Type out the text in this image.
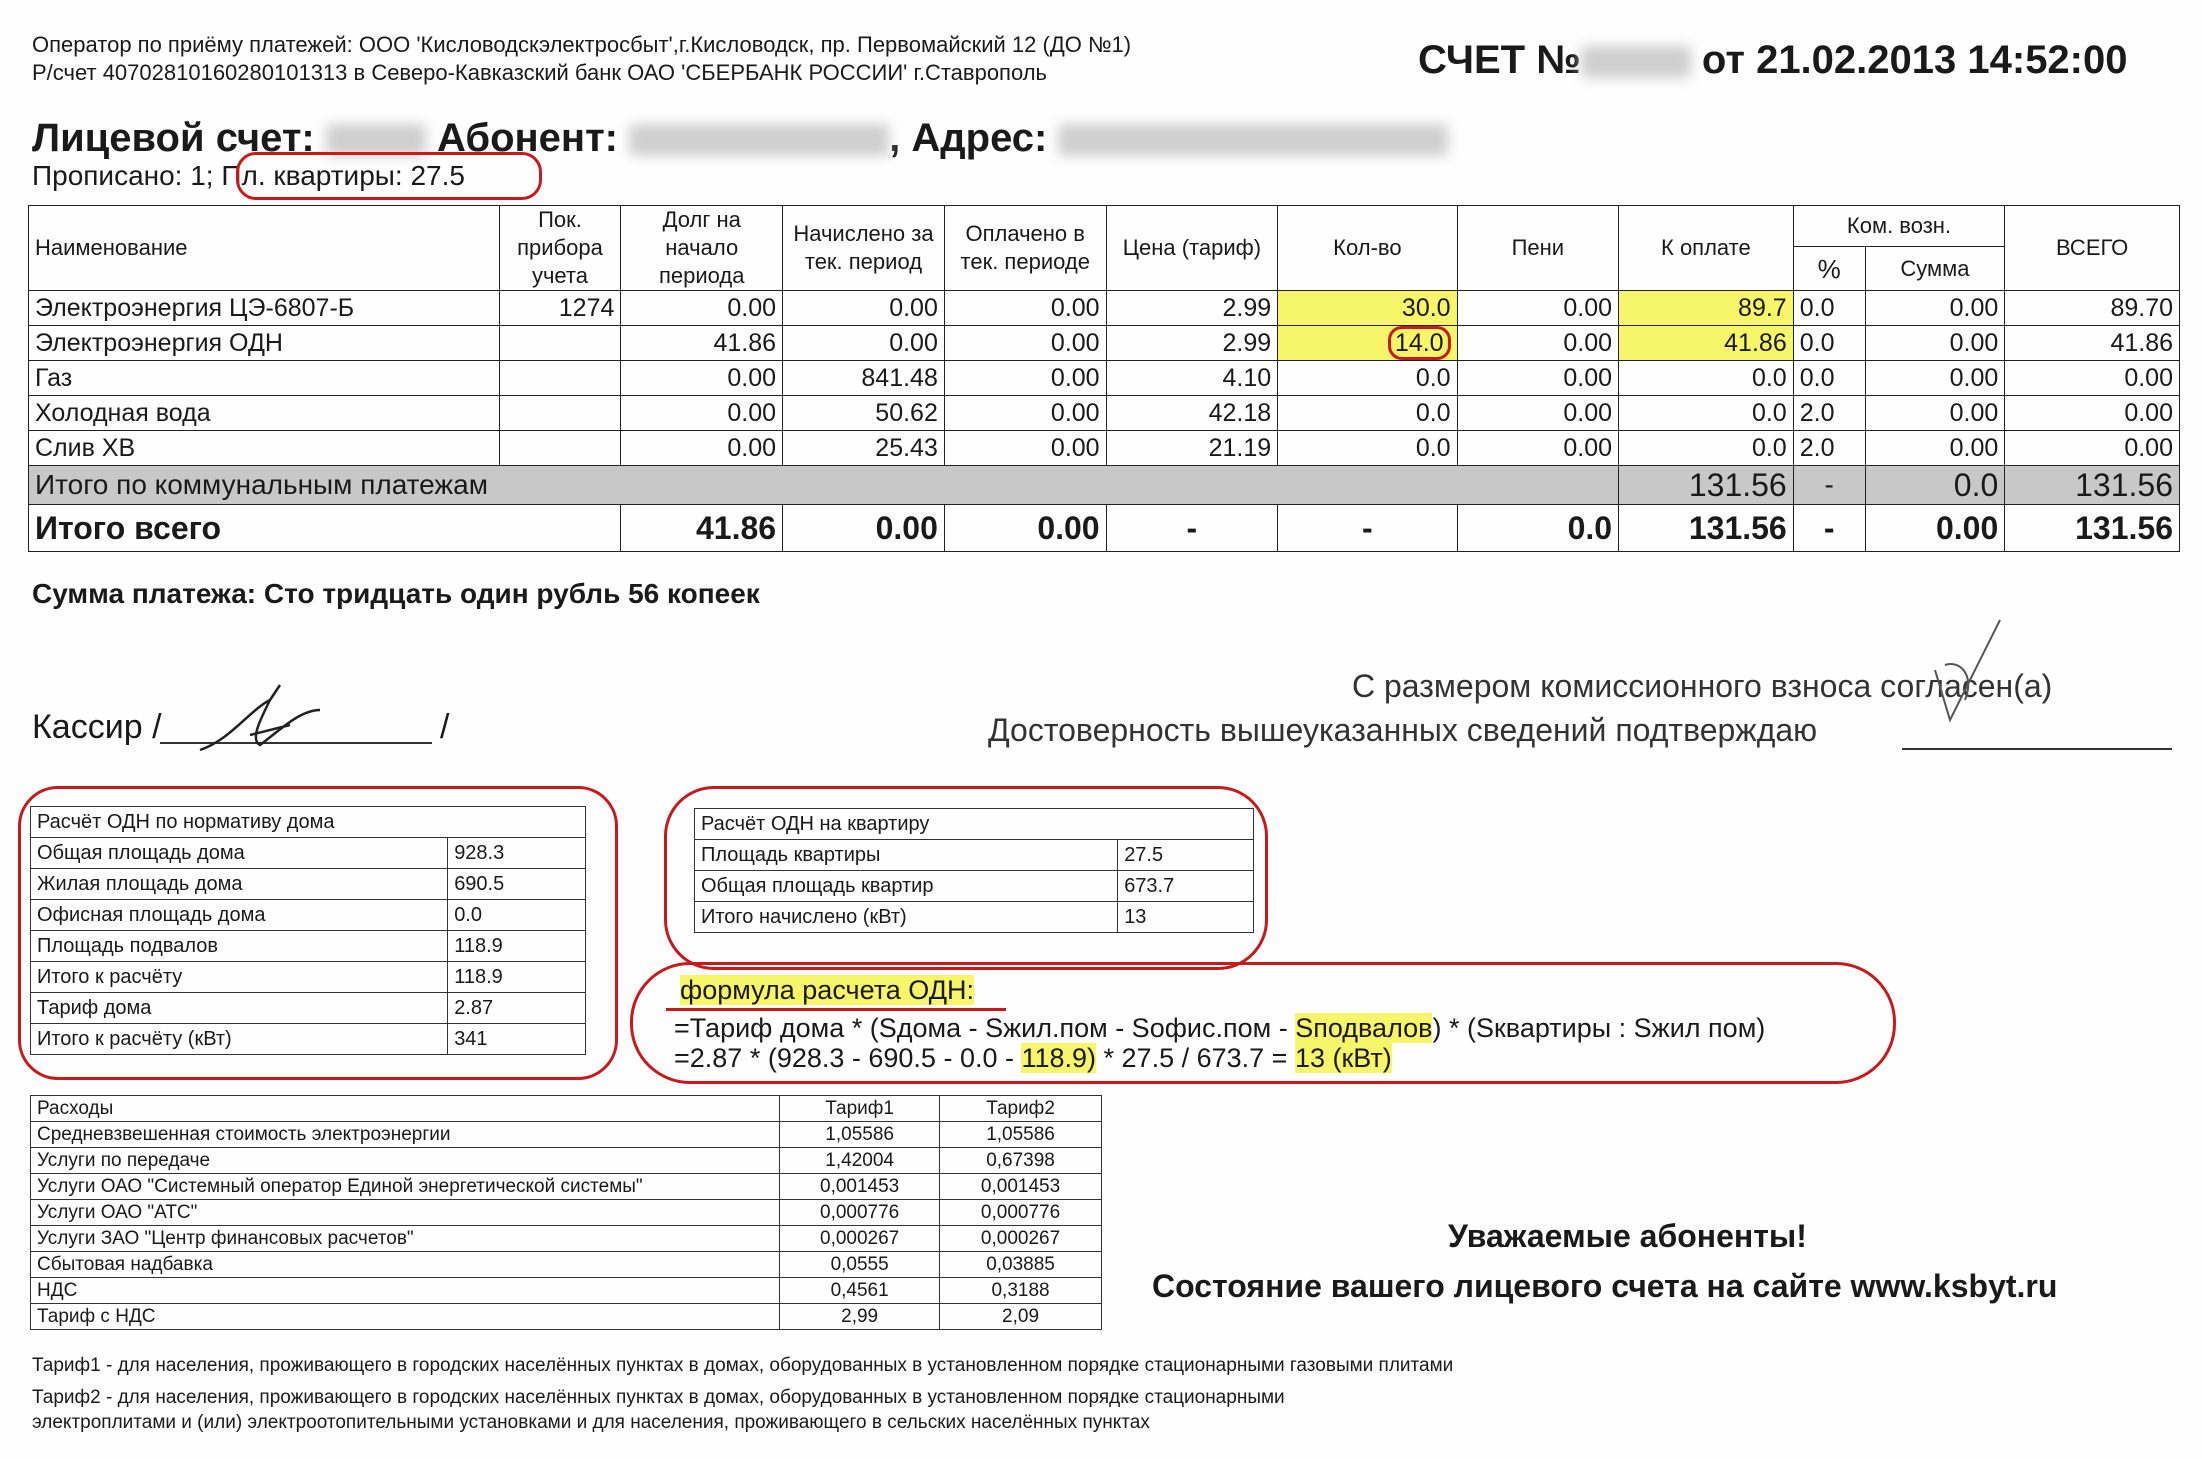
Оператор по приёму платежей: ООО 'Кисловодскэлектросбыт',г.Кисловодск, пр. Первомайский 12 (ДО №1)
Р/счет 40702810160280101313 в Северо-Кавказский банк ОАО 'СБЕРБАНК РОССИИ' г.Ставрополь	СЧЕТ №	от 21.02.2013 14:52:00
Лицевой счет:	Абонент:	, Адрес:
Прописано: 1; Пл. квартиры: 27.5
Наименование	Пок. прибора учета	Долг на начало периода	Начислено за тек. период	Оплачено в тек. периоде	Цена (тариф)	Кол-во	Пени	К оплате	Ком. возн.		ВСЕГО
									%	Сумма	
Электроэнергия ЦЭ-6807-Б	1274	0.00	0.00	0.00	2.99	30.0	0.00	89.7	0.0	0.00	89.70
Электроэнергия ОДН		41.86	0.00	0.00	2.99	14.0	0.00	41.86	0.0	0.00	41.86
Газ		0.00	841.48	0.00	4.10	0.0	0.00	0.0	0.0	0.00	0.00
Холодная вода		0.00	50.62	0.00	42.18	0.0	0.00	0.0	2.0	0.00	0.00
Слив ХВ		0.00	25.43	0.00	21.19	0.0	0.00	0.0	2.0	0.00	0.00
Итого по коммунальным платежам								131.56	-	0.0	131.56
Итого всего		41.86	0.00	0.00	-	-	0.0	131.56	-	0.00	131.56
Сумма платежа: Сто тридцать один рубль 56 копеек
Кассир /	/
С размером комиссионного взноса согласен(а)
Достоверность вышеуказанных сведений подтверждаю
Расчёт ОДН по нормативу дома	
Общая площадь дома	928.3
Жилая площадь дома	690.5
Офисная площадь дома	0.0
Площадь подвалов	118.9
Итого к расчёту	118.9
Тариф дома	2.87
Итого к расчёту (кВт)	341
Расчёт ОДН на квартиру	
Площадь квартиры	27.5
Общая площадь квартир	673.7
Итого начислено (кВт)	13
формула расчета ОДН:
=Тариф дома * (Sдома - Sжил.пом - Sофис.пом - Sподвалов) * (Sквартиры : Sжил пом)
=2.87 * (928.3 - 690.5 - 0.0 - 118.9) * 27.5 / 673.7 = 13 (кВт)
Расходы	Тариф1	Тариф2
Средневзвешенная стоимость электроэнергии	1,05586	1,05586
Услуги по передаче	1,42004	0,67398
Услуги ОАО "Системный оператор Единой энергетической системы"	0,001453	0,001453
Услуги ОАО "АТС"	0,000776	0,000776
Услуги ЗАО "Центр финансовых расчетов"	0,000267	0,000267
Сбытовая надбавка	0,0555	0,03885
НДС	0,4561	0,3188
Тариф с НДС	2,99	2,09
Уважаемые абоненты!
Состояние вашего лицевого счета на сайте www.ksbyt.ru
Тариф1 - для населения, проживающего в городских населённых пунктах в домах, оборудованных в установленном порядке стационарными газовыми плитами
Тариф2 - для населения, проживающего в городских населённых пунктах в домах, оборудованных в установленном порядке стационарными
электроплитами и (или) электроотопительными установками и для населения, проживающего в сельских населённых пунктах
